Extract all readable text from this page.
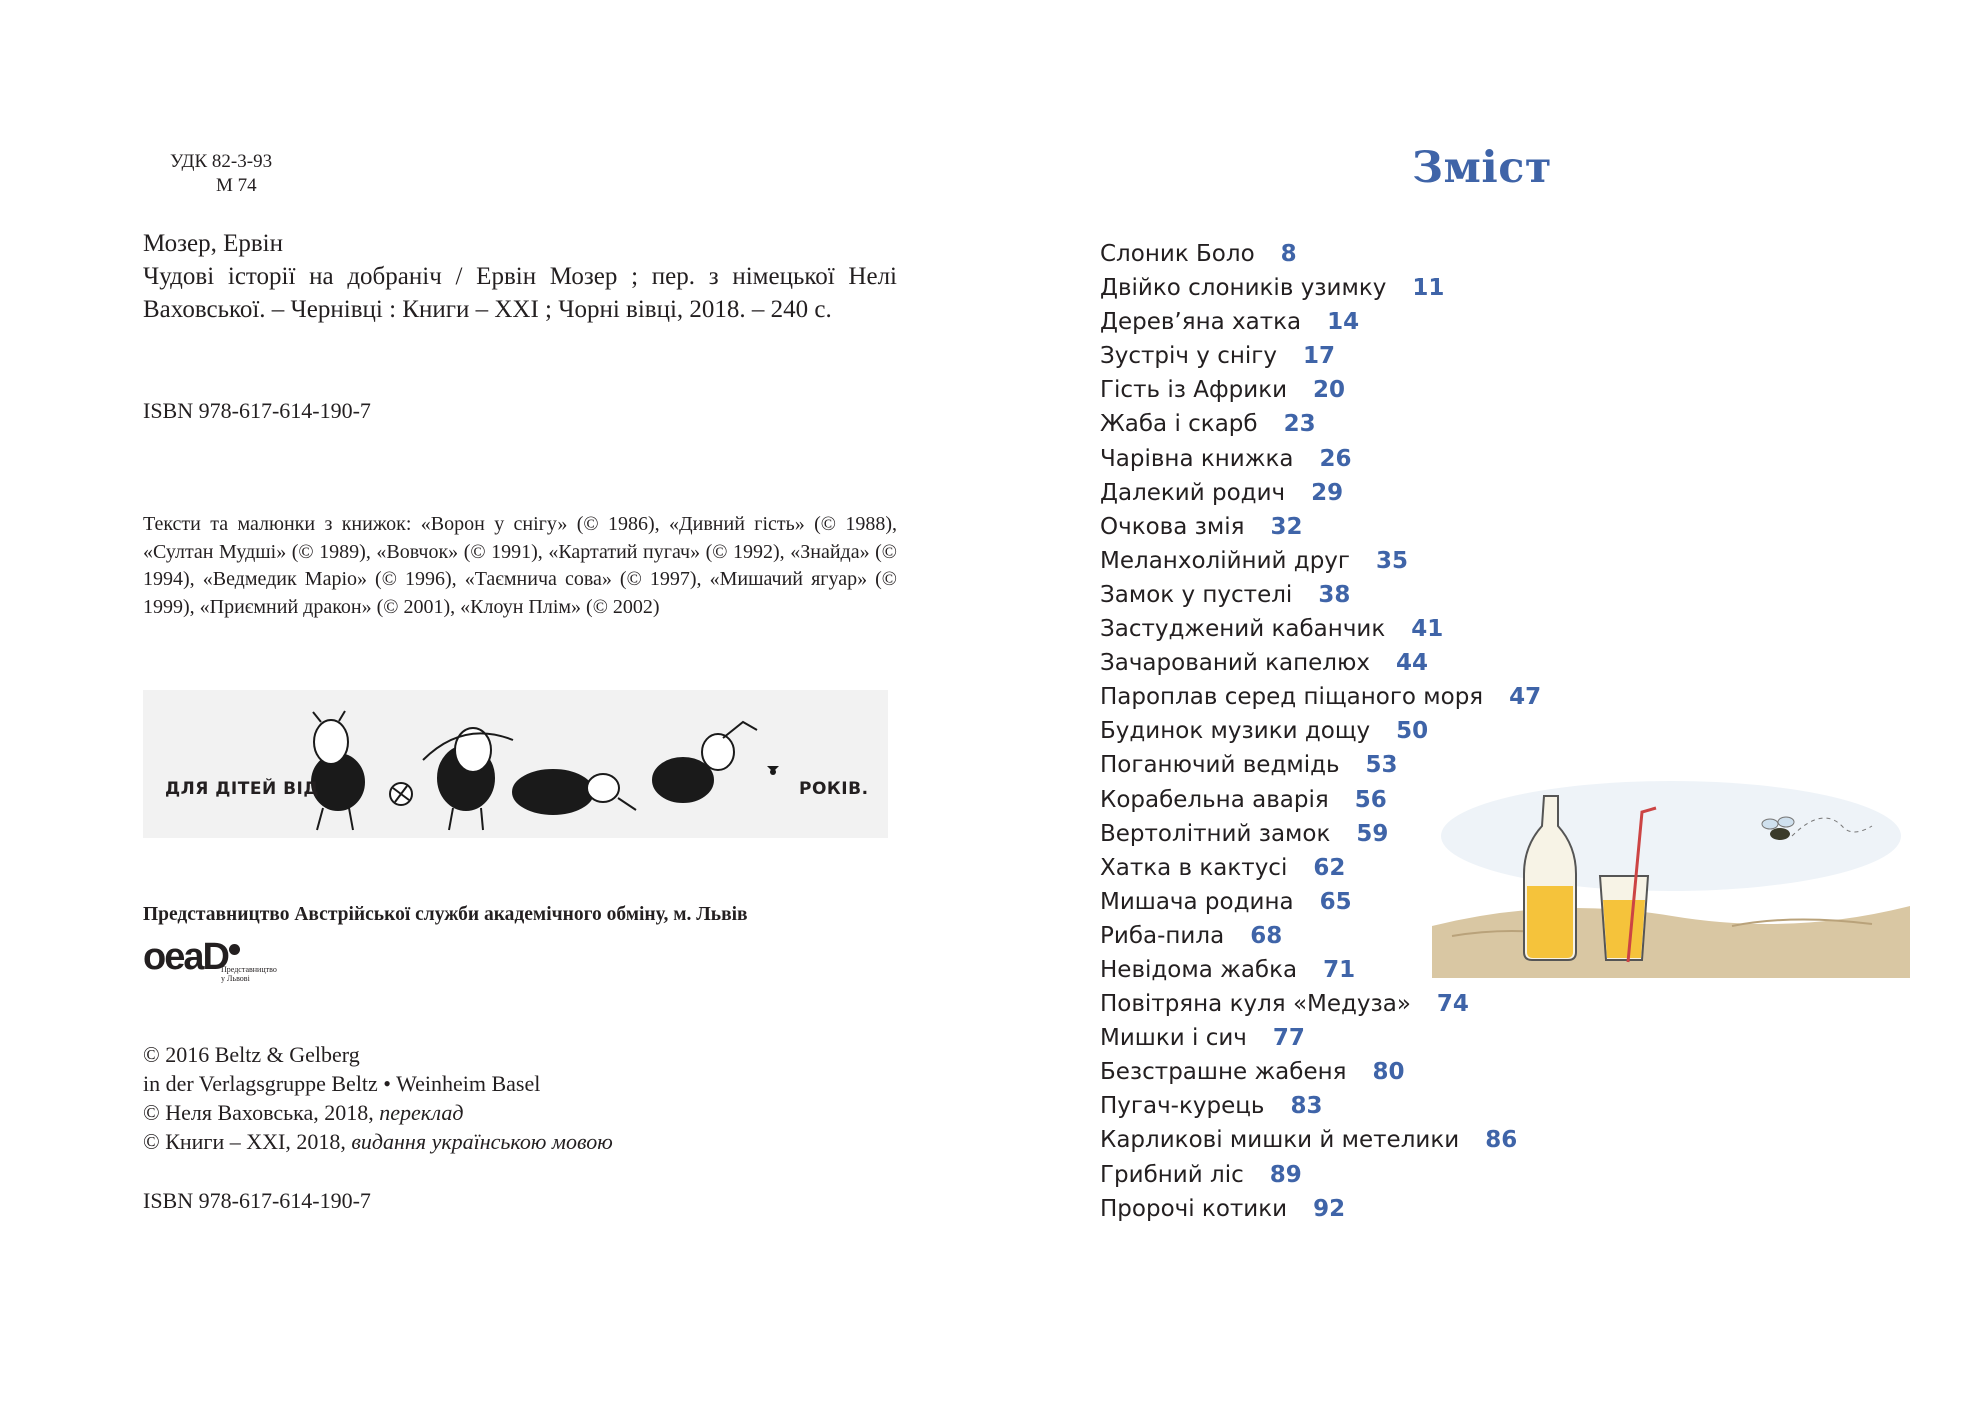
УДК 82-3-93
М 74
Мозер, Ервін
Чудові історії на добраніч / Ервін Мозер ; пер. з німецької Нелі Ваховської. – Чернівці : Книги – ХХІ ; Чорні вівці, 2018. – 240 с.
ISBN 978-617-614-190-7
Тексти та малюнки з книжок: «Ворон у снігу» (© 1986), «Дивний гість» (© 1988), «Султан Мудші» (© 1989), «Вовчок» (© 1991), «Картатий пугач» (© 1992), «Знайда» (© 1994), «Ведмедик Маріо» (© 1996), «Таємнича сова» (© 1997), «Мишачий ягуар» (© 1999), «Приємний дракон» (© 2001), «Клоун Плім» (© 2002)
ДЛЯ ДІТЕЙ ВІД	РОКІВ.
Представництво Австрійської служби академічного обміну, м. Львів
oeaD
Представництво
у Львові
© 2016 Beltz & Gelberg
in der Verlagsgruppe Beltz • Weinheim Basel
© Неля Ваховська, 2018, переклад
© Книги – ХХІ, 2018, видання українською мовою
ISBN 978-617-614-190-7
Зміст
Слоник Боло 8
Двійко слоників узимку 11
Дерев’яна хатка 14
Зустріч у снігу 17
Гість із Африки 20
Жаба і скарб 23
Чарівна книжка 26
Далекий родич 29
Очкова змія 32
Меланхолійний друг 35
Замок у пустелі 38
Застуджений кабанчик 41
Зачарований капелюх 44
Пароплав серед піщаного моря 47
Будинок музики дощу 50
Поганючий ведмідь 53
Корабельна аварія 56
Вертолітний замок 59
Хатка в кактусі 62
Мишача родина 65
Риба-пила 68
Невідома жабка 71
Повітряна куля «Медуза» 74
Мишки і сич 77
Безстрашне жабеня 80
Пугач-курець 83
Карликові мишки й метелики 86
Грибний ліс 89
Пророчі котики 92
